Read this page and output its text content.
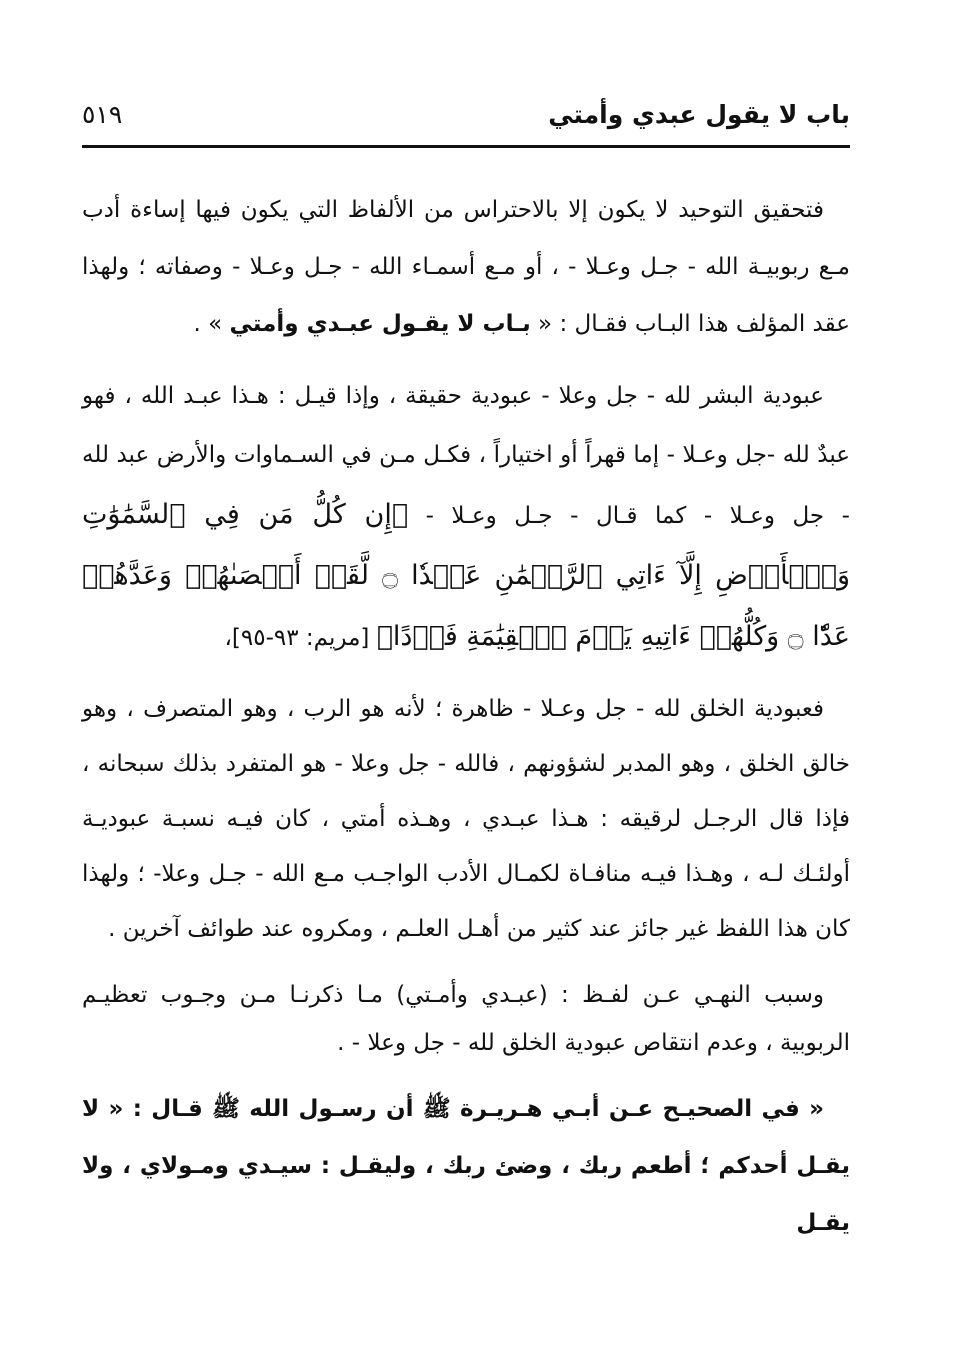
باب لا يقول عبدي وأمتي
٥١٩

فتحقيق التوحيد لا يكون إلا بالاحتراس من الألفاظ التي يكون فيها إساءة أدب مـع ربوبيـة الله - جـل وعـلا - ، أو مـع أسمـاء الله - جـل وعـلا - وصفاته ؛ ولهذا عقد المؤلف هذا البـاب فقـال : « بـاب لا يقـول عبـدي وأمتي » .

عبودية البشر لله - جل وعلا - عبودية حقيقة ، وإذا قيـل : هـذا عبـد الله ، فهو عبدٌ لله -جل وعـلا - إما قهراً أو اختياراً ، فكـل مـن في السـماوات والأرض عبد لله - جل وعـلا - كما قـال - جـل وعـلا - ﴿إِن كُلُّ مَن فِي ٱلسَّمَٰوَٰتِ وَٱلۡأَرۡضِ إِلَّآ ءَاتِي ٱلرَّحۡمَٰنِ عَبۡدٗا ۝ لَّقَدۡ أَحۡصَىٰهُمۡ وَعَدَّهُمۡ عَدّٗا ۝ وَكُلُّهُمۡ ءَاتِيهِ يَوۡمَ ٱلۡقِيَٰمَةِ فَرۡدًا﴾ [مريم: ٩٣-٩٥]،

فعبودية الخلق لله - جل وعـلا - ظاهرة ؛ لأنه هو الرب ، وهو المتصرف ، وهو خالق الخلق ، وهو المدبر لشؤونهم ، فالله - جل وعلا - هو المتفرد بذلك سبحانه ، فإذا قال الرجـل لرقيقه : هـذا عبـدي ، وهـذه أمتي ، كان فيـه نسبـة عبوديـة أولئـك لـه ، وهـذا فيـه منافـاة لكمـال الأدب الواجـب مـع الله - جـل وعلا- ؛ ولهذا كان هذا اللفظ غير جائز عند كثير من أهـل العلـم ، ومكروه عند طوائف آخرين .

وسبب النهـي عـن لفـظ : (عبـدي وأمـتي) مـا ذكرنـا مـن وجـوب تعظيـم الربوبية ، وعدم انتقاص عبودية الخلق لله - جل وعلا - .

« في الصحيـح عـن أبـي هـريـرة ﷺ أن رسـول الله ﷺ قـال : « لا يقـل أحدكم ؛ أطعم ربك ، وضئ ربك ، وليقـل : سيـدي ومـولاي ، ولا يقـل
